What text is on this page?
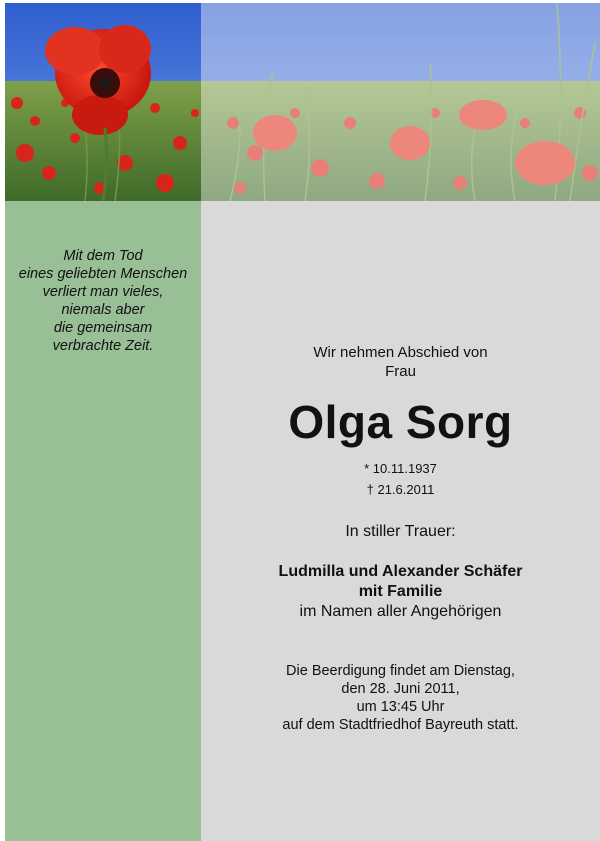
Mit dem Tod
eines geliebten Menschen
verliert man vieles,
niemals aber
die gemeinsam
verbrachte Zeit.	Wir nehmen Abschied von
Frau
Olga Sorg
* 10.11.1937
† 21.6.2011
In stiller Trauer:
Ludmilla und Alexander Schäfer
mit Familie
im Namen aller Angehörigen
Die Beerdigung findet am Dienstag,
den 28. Juni 2011,
um 13:45 Uhr
auf dem Stadtfriedhof Bayreuth statt.
